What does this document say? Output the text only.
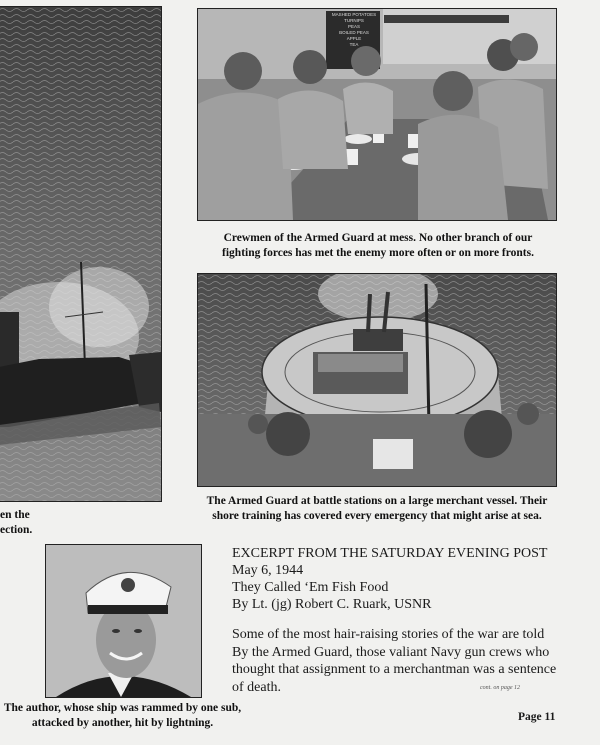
en the
ection.
MASHED POTATOES
TURNIPS
PEAS
BOILED PEAS
APPLE
TEA
Crewmen of the Armed Guard at mess. No other branch of our
fighting forces has met the enemy more often or on more fronts.
The Armed Guard at battle stations on a large merchant vessel. Their
shore training has covered every emergency that might arise at sea.
The author, whose ship was rammed by one sub,
attacked by another, hit by lightning.
EXCERPT FROM THE SATURDAY EVENING POST
May 6, 1944
They Called ‘Em Fish Food
By Lt. (jg) Robert C. Ruark, USNR
Some of the most hair-raising stories of the war are told
By the Armed Guard, those valiant Navy gun crews who
thought that assignment to a merchantman was a sentence
of death.	cont. on page 12
Page 11
